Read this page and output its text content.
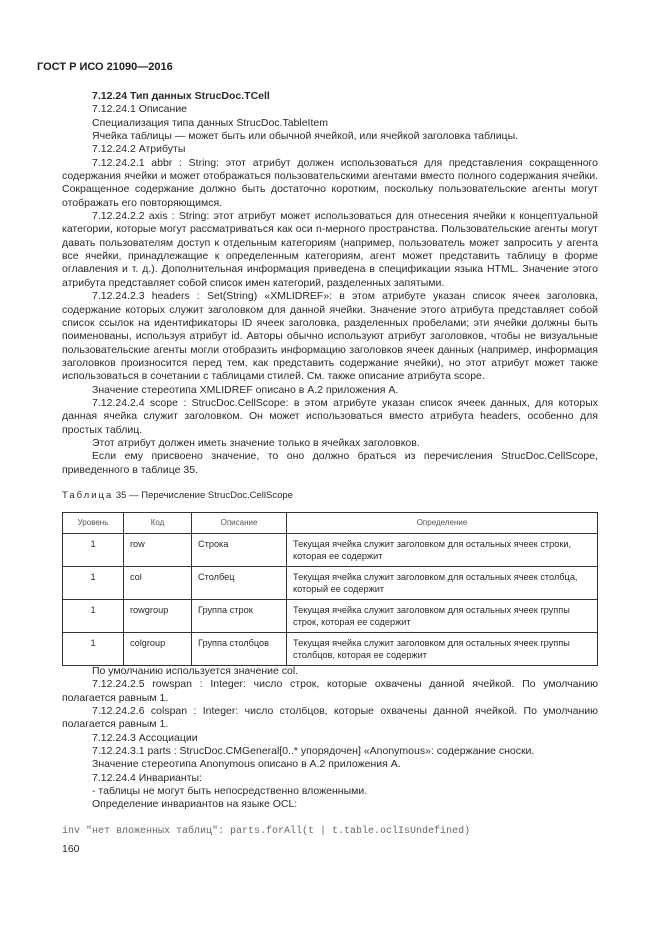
ГОСТ Р ИСО 21090—2016

7.12.24 Тип данных StrucDoc.TCell

7.12.24.1 Описание

Специализация типа данных StrucDoc.TableItem

Ячейка таблицы — может быть или обычной ячейкой, или ячейкой заголовка таблицы.

7.12.24.2 Атрибуты

7.12.24.2.1 abbr : String: этот атрибут должен использоваться для представления сокращенного содержания ячейки и может отображаться пользовательскими агентами вместо полного содержания ячейки. Сокращенное содержание должно быть достаточно коротким, поскольку пользовательские агенты могут отображать его повторяющимся.

7.12.24.2.2 axis : String: этот атрибут может использоваться для отнесения ячейки к концептуальной категории, которые могут рассматриваться как оси n-мерного пространства. Пользовательские агенты могут давать пользователям доступ к отдельным категориям (например, пользователь может запросить у агента все ячейки, принадлежащие к определенным категориям, агент может представить таблицу в форме оглавления и т. д.). Дополнительная информация приведена в спецификации языка HTML. Значение этого атрибута представляет собой список имен категорий, разделенных запятыми.

7.12.24.2.3 headers : Set(String) «XMLIDREF»: в этом атрибуте указан список ячеек заголовка, содержание которых служит заголовком для данной ячейки. Значение этого атрибута представляет собой список ссылок на идентификаторы ID ячеек заголовка, разделенных пробелами; эти ячейки должны быть поименованы, используя атрибут id. Авторы обычно используют атрибут заголовков, чтобы не визуальные пользовательские агенты могли отобразить информацию заголовков ячеек данных (например, информация заголовков произносится перед тем, как представить содержание ячейки), но этот атрибут может также использоваться в сочетании с таблицами стилей. См. также описание атрибута scope.

Значение стереотипа XMLIDREF описано в А.2 приложения А.

7.12.24.2.4 scope : StrucDoc.CellScope: в этом атрибуте указан список ячеек данных, для которых данная ячейка служит заголовком. Он может использоваться вместо атрибута headers, особенно для простых таблиц.

Этот атрибут должен иметь значение только в ячейках заголовков.

Если ему присвоено значение, то оно должно браться из перечисления StrucDoc.CellScope, приведенного в таблице 35.

Таблица 35 — Перечисление StrucDoc.CellScope
Уровень	Код	Описание	Определение
1	row	Строка	Текущая ячейка служит заголовком для остальных ячеек строки, которая ее содержит
1	col	Столбец	Текущая ячейка служит заголовком для остальных ячеек столбца, который ее содержит
1	rowgroup	Группа строк	Текущая ячейка служит заголовком для остальных ячеек группы строк, которая ее содержит
1	colgroup	Группа столбцов	Текущая ячейка служит заголовком для остальных ячеек группы столбцов, которая ее содержит

По умолчанию используется значение col.

7.12.24.2.5 rowspan : Integer: число строк, которые охвачены данной ячейкой. По умолчанию полагается равным 1.

7.12.24.2.6 colspan : Integer: число столбцов, которые охвачены данной ячейкой. По умолчанию полагается равным 1.

7.12.24.3 Ассоциации

7.12.24.3.1 parts : StrucDoc.CMGeneral[0..* упорядочен] «Anonymous»: содержание сноски.

Значение стереотипа Anonymous описано в А.2 приложения А.

7.12.24.4 Инварианты:

- таблицы не могут быть непосредственно вложенными.

Определение инвариантов на языке OCL:

inv "нет вложенных таблиц": parts.forAll(t | t.table.oclIsUndefined)
160
